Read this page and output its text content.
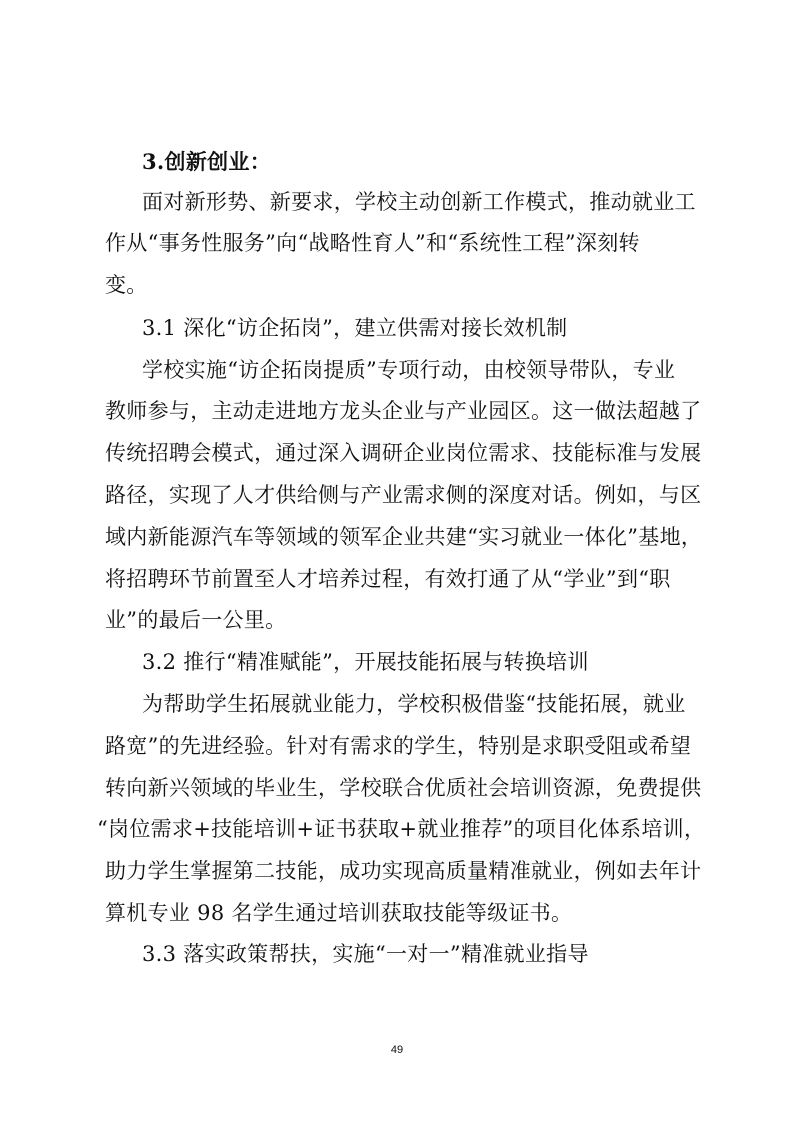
3.创新创业：
面对新形势、新要求，学校主动创新工作模式，推动就业工
作从“事务性服务”向“战略性育人”和“系统性工程”深刻转
变。
3.1 深化“访企拓岗”，建立供需对接长效机制
学校实施“访企拓岗提质”专项行动，由校领导带队，专业
教师参与，主动走进地方龙头企业与产业园区。这一做法超越了
传统招聘会模式，通过深入调研企业岗位需求、技能标准与发展
路径，实现了人才供给侧与产业需求侧的深度对话。例如，与区
域内新能源汽车等领域的领军企业共建“实习就业一体化”基地，
将招聘环节前置至人才培养过程，有效打通了从“学业”到“职
业”的最后一公里。
3.2 推行“精准赋能”，开展技能拓展与转换培训
为帮助学生拓展就业能力，学校积极借鉴“技能拓展，就业
路宽”的先进经验。针对有需求的学生，特别是求职受阻或希望
转向新兴领域的毕业生，学校联合优质社会培训资源，免费提供
“岗位需求+技能培训+证书获取+就业推荐”的项目化体系培训，
助力学生掌握第二技能，成功实现高质量精准就业，例如去年计
算机专业 98 名学生通过培训获取技能等级证书。
3.3 落实政策帮扶，实施“一对一”精准就业指导
49
